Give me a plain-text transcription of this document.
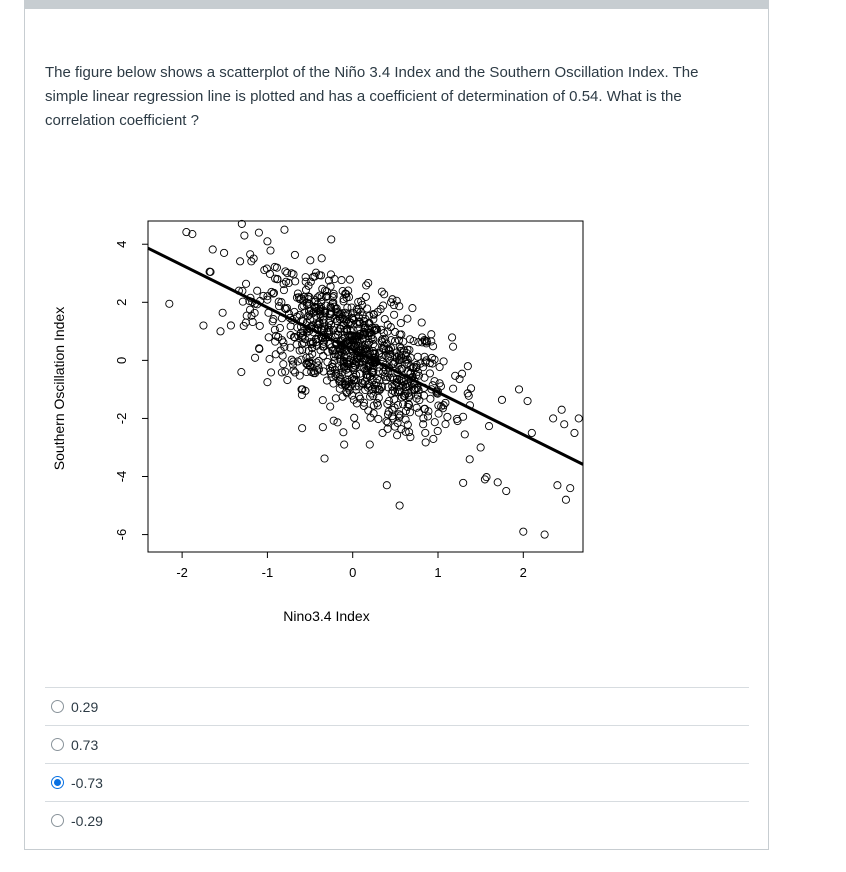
The figure below shows a scatterplot of the Niño 3.4 Index and the Southern Oscillation Index. The simple linear regression line is plotted and has a coefficient of determination of 0.54. What is the correlation coefficient ?

-2	-1	0	1	2
-6
-4
-2
0
2
4
Nino3.4 Index
Southern Oscillation Index
0.29
0.73
-0.73
-0.29
